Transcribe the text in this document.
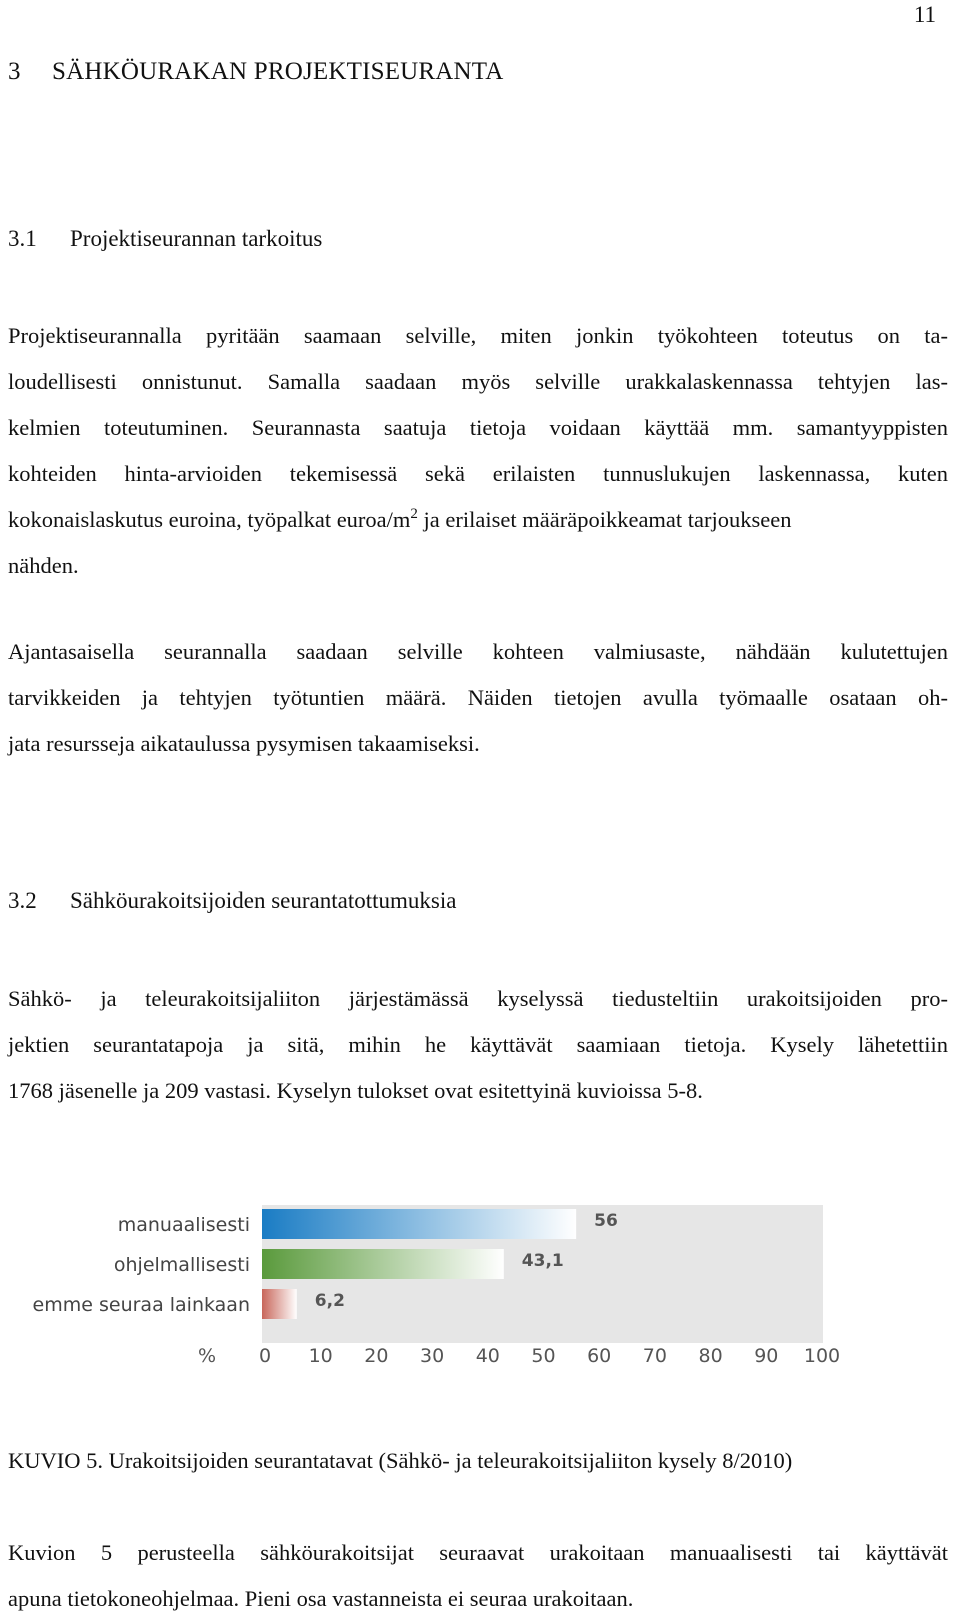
11
3 SÄHKÖURAKAN PROJEKTISEURANTA
3.1 Projektiseurannan tarkoitus
Projektiseurannalla pyritään saamaan selville, miten jonkin työkohteen toteutus on ta-
loudellisesti onnistunut. Samalla saadaan myös selville urakkalaskennassa tehtyjen las-
kelmien toteutuminen. Seurannasta saatuja tietoja voidaan käyttää mm. samantyyppisten
kohteiden hinta-arvioiden tekemisessä sekä erilaisten tunnuslukujen laskennassa, kuten
kokonaislaskutus euroina, työpalkat euroa/$m^2$ ja erilaiset määräpoikkeamat tarjoukseen
nähden.
Ajantasaisella seurannalla saadaan selville kohteen valmiusaste, nähdään kulutettujen
tarvikkeiden ja tehtyjen työtuntien määrä. Näiden tietojen avulla työmaalle osataan oh-
jata resursseja aikataulussa pysymisen takaamiseksi.
3.2 Sähköurakoitsijoiden seurantatottumuksia
Sähkö- ja teleurakoitsijaliiton järjestämässä kyselyssä tiedusteltiin urakoitsijoiden pro-
jektien seurantatapoja ja sitä, mihin he käyttävät saamiaan tietoja. Kysely lähetettiin
1768 jäsenelle ja 209 vastasi. Kyselyn tulokset ovat esitettyinä kuvioissa 5-8.
manuaalisesti	56
ohjelmallisesti	43,1
emme seuraa lainkaan	6,2
0 10 20 30 40 50 60 70 80 90 100
%
KUVIO 5. Urakoitsijoiden seurantatavat (Sähkö- ja teleurakoitsijaliiton kysely 8/2010)
Kuvion 5 perusteella sähköurakoitsijat seuraavat urakoitaan manuaalisesti tai käyttävät
apuna tietokoneohjelmaa. Pieni osa vastanneista ei seuraa urakoitaan.
